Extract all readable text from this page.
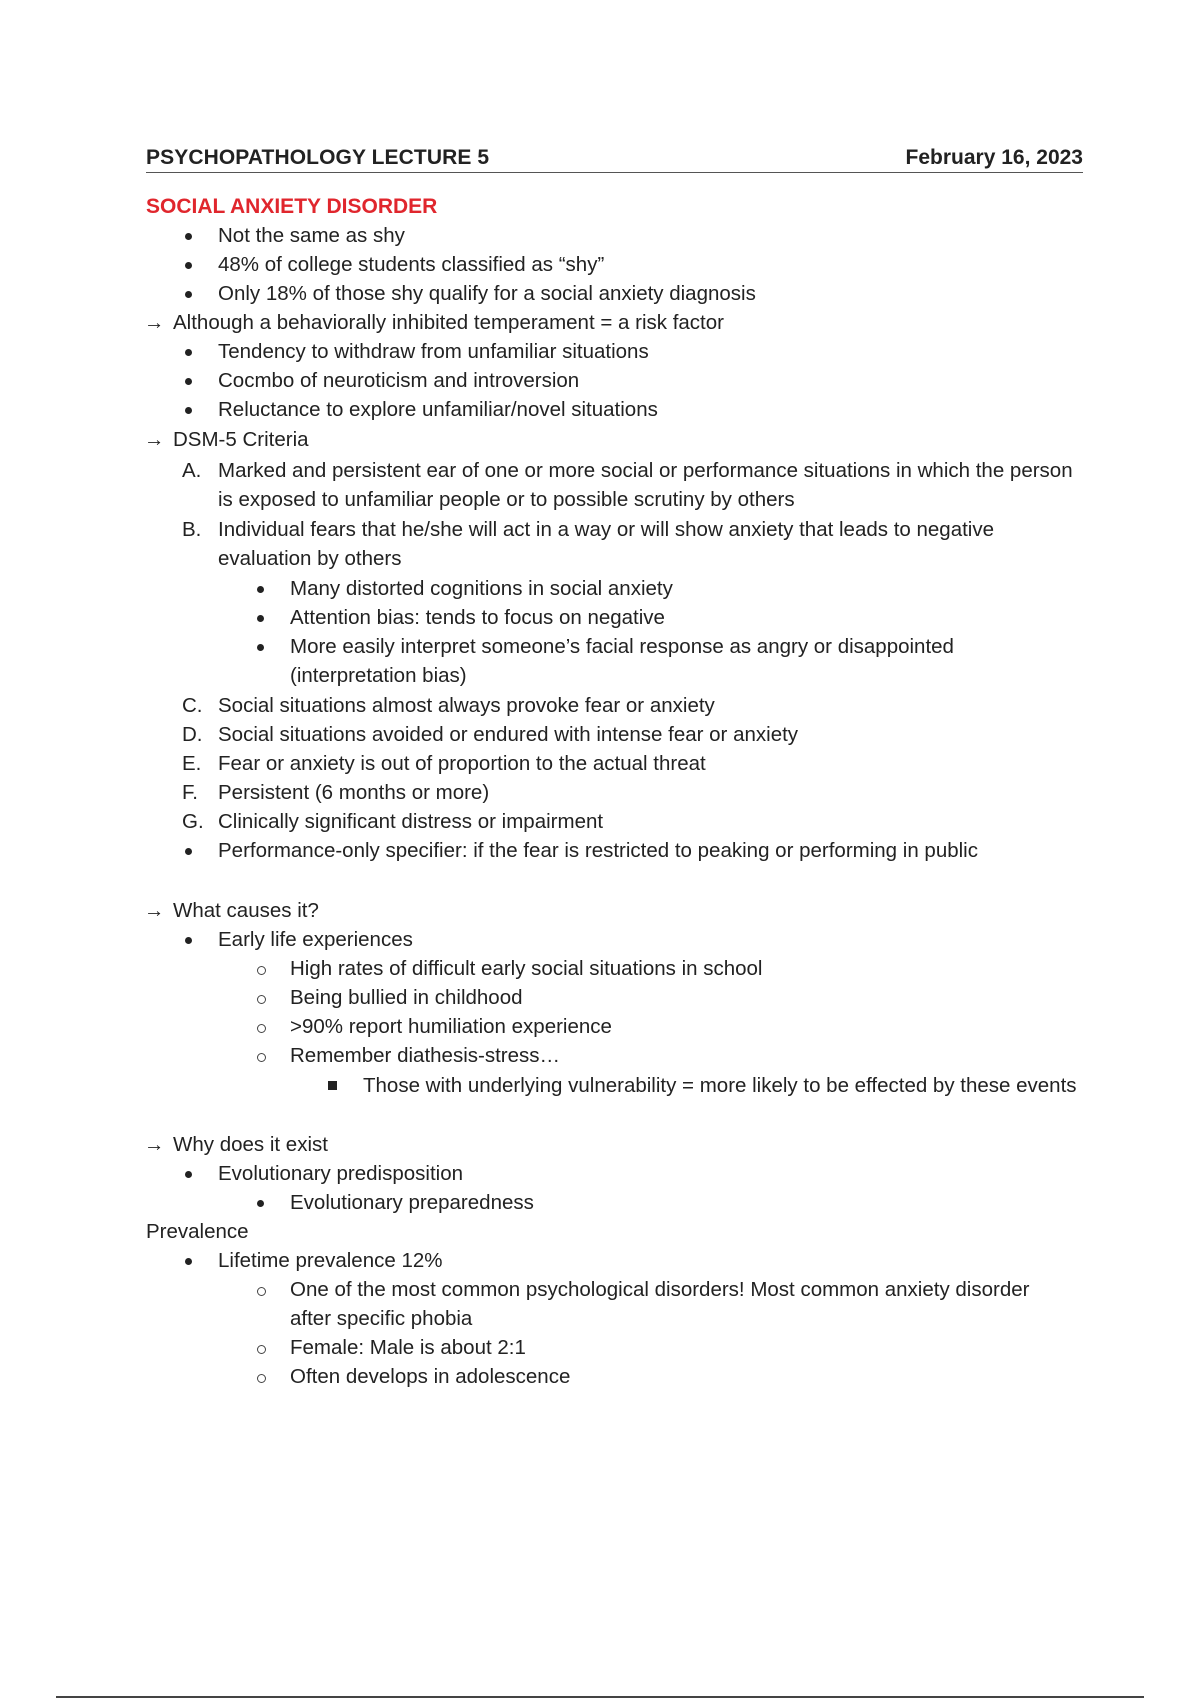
PSYCHOPATHOLOGY LECTURE 5	February 16, 2023
SOCIAL ANXIETY DISORDER
Not the same as shy
48% of college students classified as “shy”
Only 18% of those shy qualify for a social anxiety diagnosis
→ Although a behaviorally inhibited temperament = a risk factor
Tendency to withdraw from unfamiliar situations
Cocmbo of neuroticism and introversion
Reluctance to explore unfamiliar/novel situations
→ DSM-5 Criteria
A. Marked and persistent ear of one or more social or performance situations in which the person is exposed to unfamiliar people or to possible scrutiny by others
B. Individual fears that he/she will act in a way or will show anxiety that leads to negative evaluation by others
Many distorted cognitions in social anxiety
Attention bias: tends to focus on negative
More easily interpret someone’s facial response as angry or disappointed (interpretation bias)
C. Social situations almost always provoke fear or anxiety
D. Social situations avoided or endured with intense fear or anxiety
E. Fear or anxiety is out of proportion to the actual threat
F. Persistent (6 months or more)
G. Clinically significant distress or impairment
Performance-only specifier: if the fear is restricted to peaking or performing in public
→ What causes it?
Early life experiences
High rates of difficult early social situations in school
Being bullied in childhood
>90% report humiliation experience
Remember diathesis-stress…
Those with underlying vulnerability = more likely to be effected by these events
→ Why does it exist
Evolutionary predisposition
Evolutionary preparedness
Prevalence
Lifetime prevalence 12%
One of the most common psychological disorders! Most common anxiety disorder after specific phobia
Female: Male is about 2:1
Often develops in adolescence
